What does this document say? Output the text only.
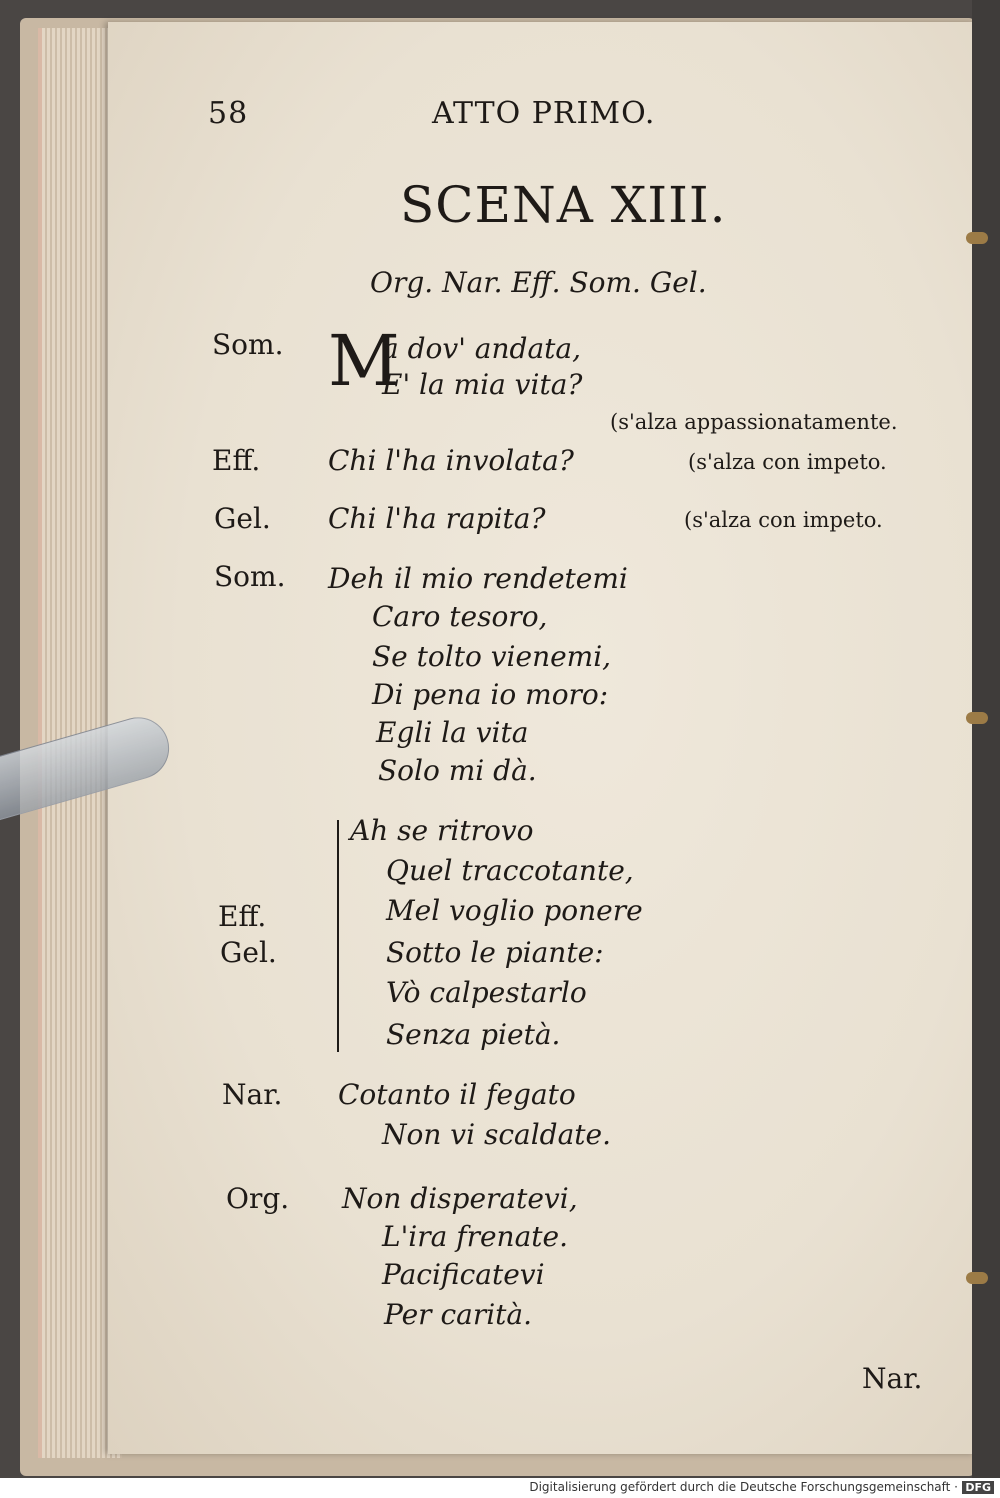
58	ATTO PRIMO.
SCENA XIII.
Org. Nar. Eff. Som. Gel.
Som. M
a dov' andata,
E' la mia vita?
(s'alza appassionatamente.
Eff. Chi l'ha involata?	(s'alza con impeto.
Gel. Chi l'ha rapita?	(s'alza con impeto.
Som. Deh il mio rendetemi
Caro tesoro,
Se tolto vienemi,
Di pena io moro:
Egli la vita
Solo mi dà.
Eff.
Gel.
Ah se ritrovo
Quel traccotante,
Mel voglio ponere
Sotto le piante:
Vò calpestarlo
Senza pietà.
Nar. Cotanto il fegato
Non vi scaldate.
Org. Non disperatevi,
L'ira frenate.
Pacificatevi
Per carità.
Nar.
Digitalisierung gefördert durch die Deutsche Forschungsgemeinschaft · DFG
